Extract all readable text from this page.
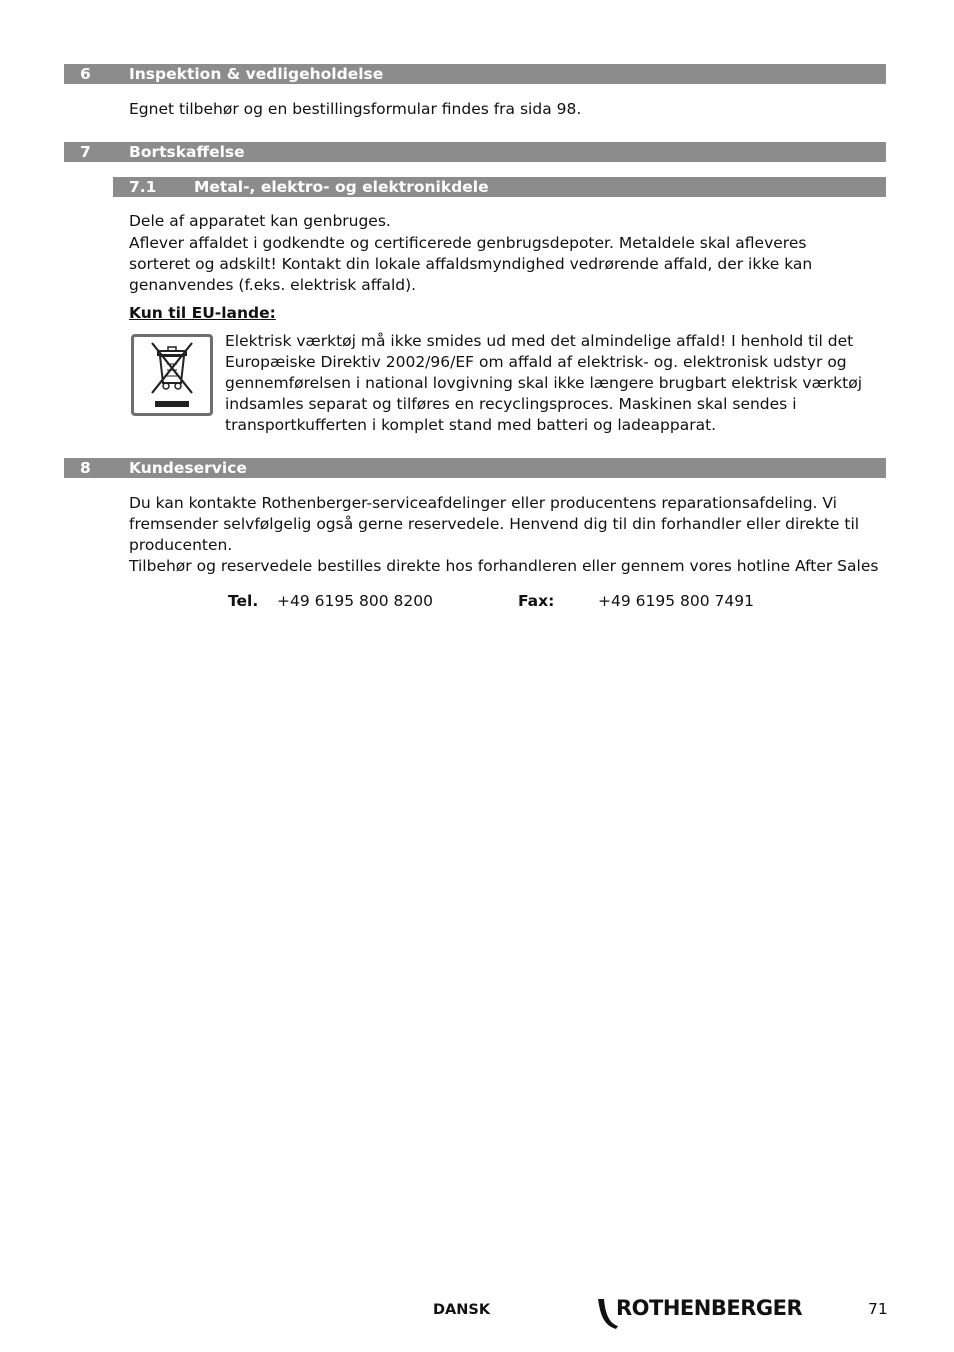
6 Inspektion & vedligeholdelse
Egnet tilbehør og en bestillingsformular findes fra sida 98.
7 Bortskaffelse
7.1 Metal-, elektro- og elektronikdele
Dele af apparatet kan genbruges.
Aflever affaldet i godkendte og certificerede genbrugsdepoter. Metaldele skal afleveres
sorteret og adskilt! Kontakt din lokale affaldsmyndighed vedrørende affald, der ikke kan
genanvendes (f.eks. elektrisk affald).
Kun til EU-lande:
Elektrisk værktøj må ikke smides ud med det almindelige affald! I henhold til det
Europæiske Direktiv 2002/96/EF om affald af elektrisk- og. elektronisk udstyr og
gennemførelsen i national lovgivning skal ikke længere brugbart elektrisk værktøj
indsamles separat og tilføres en recyclingsproces. Maskinen skal sendes i
transportkufferten i komplet stand med batteri og ladeapparat.
8 Kundeservice
Du kan kontakte Rothenberger-serviceafdelinger eller producentens reparationsafdeling. Vi
fremsender selvfølgelig også gerne reservedele. Henvend dig til din forhandler eller direkte til
producenten.
Tilbehør og reservedele bestilles direkte hos forhandleren eller gennem vores hotline After Sales
Tel. +49 6195 800 8200	Fax:	+49 6195 800 7491
DANSK	ROTHENBERGER	71
